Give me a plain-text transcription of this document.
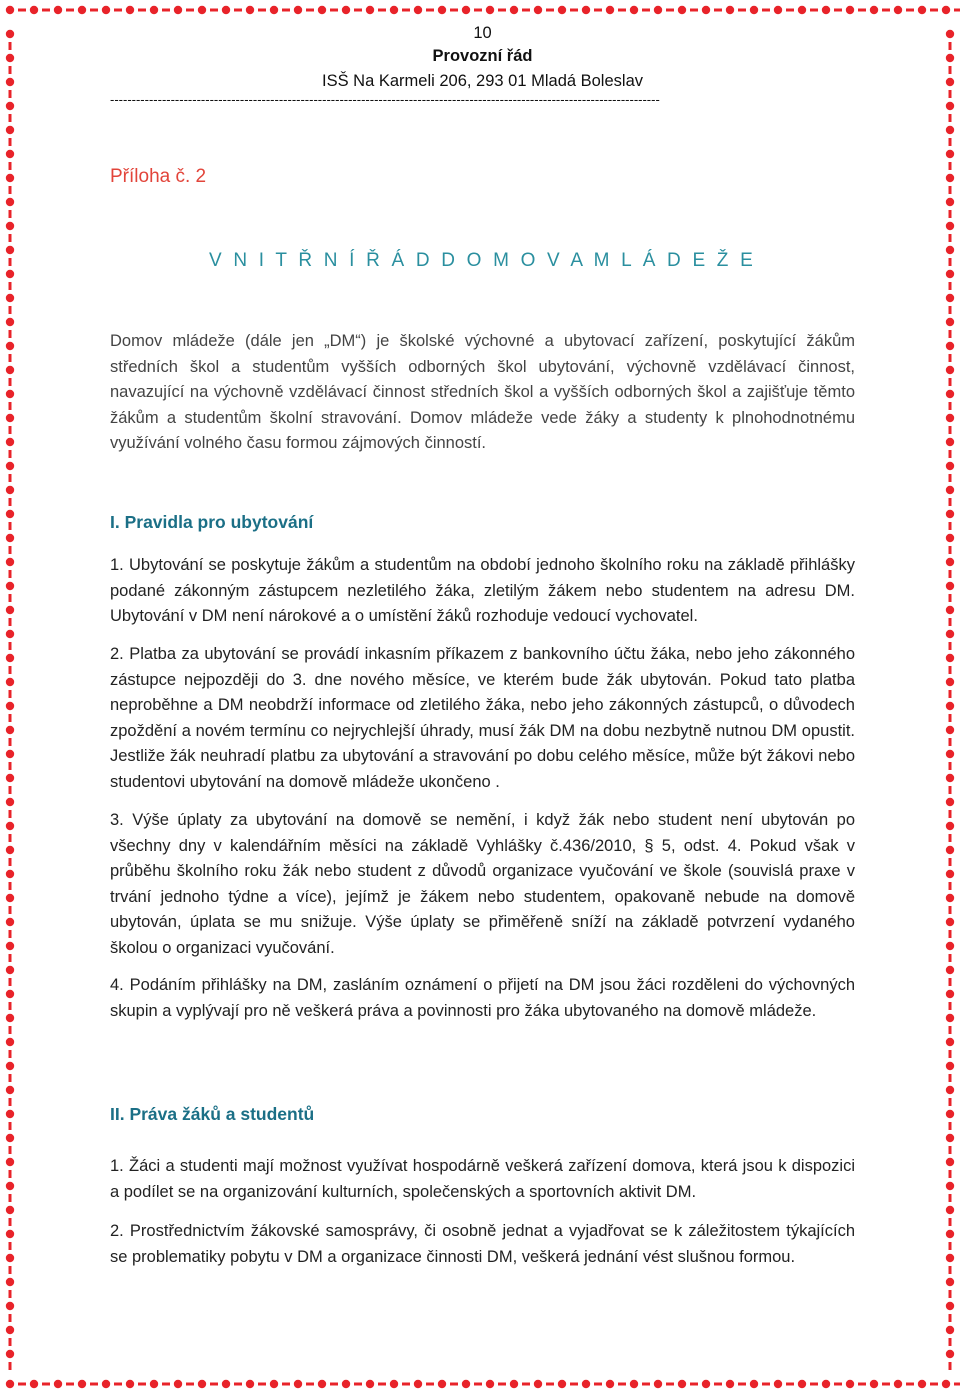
10
Provozní řád
ISŠ Na Karmeli 206, 293 01 Mladá Boleslav
-------------------------------------------------------------------------------------------------------------------------------
Příloha č. 2
V N I T Ř N Í Ř Á D D O M O V A M L Á D E Ž E

Domov mládeže (dále jen „DM“) je školské výchovné a ubytovací zařízení, poskytující žákům středních škol a studentům vyšších odborných škol ubytování, výchovně vzdělávací činnost, navazující na výchovně vzdělávací činnost středních škol a vyšších odborných škol a zajišťuje těmto žákům a studentům školní stravování. Domov mládeže vede žáky a studenty k plnohodnotnému využívání volného času formou zájmových činností.

I. Pravidla pro ubytování

1. Ubytování se poskytuje žákům a studentům na období jednoho školního roku na základě přihlášky podané zákonným zástupcem nezletilého žáka, zletilým žákem nebo studentem na adresu DM. Ubytování v DM není nárokové a o umístění žáků rozhoduje vedoucí vychovatel.

2. Platba za ubytování se provádí inkasním příkazem z bankovního účtu žáka, nebo jeho zákonného zástupce nejpozději do 3. dne nového měsíce, ve kterém bude žák ubytován. Pokud tato platba neproběhne a DM neobdrží informace od zletilého žáka, nebo jeho zákonných zástupců, o důvodech zpoždění a novém termínu co nejrychlejší úhrady, musí žák DM na dobu nezbytně nutnou DM opustit. Jestliže žák neuhradí platbu za ubytování a stravování po dobu celého měsíce, může být žákovi nebo studentovi ubytování na domově mládeže ukončeno .

3. Výše úplaty za ubytování na domově se nemění, i když žák nebo student není ubytován po všechny dny v kalendářním měsíci na základě Vyhlášky č.436/2010, § 5, odst. 4. Pokud však v průběhu školního roku žák nebo student z důvodů organizace vyučování ve škole (souvislá praxe v trvání jednoho týdne a více), jejímž je žákem nebo studentem, opakovaně nebude na domově ubytován, úplata se mu snižuje. Výše úplaty se přiměřeně sníží na základě potvrzení vydaného školou o organizaci vyučování.

4. Podáním přihlášky na DM, zasláním oznámení o přijetí na DM jsou žáci rozděleni do výchovných skupin a vyplývají pro ně veškerá práva a povinnosti pro žáka ubytovaného na domově mládeže.

II. Práva žáků a studentů

1. Žáci a studenti mají možnost využívat hospodárně veškerá zařízení domova, která jsou k dispozici a podílet se na organizování kulturních, společenských a sportovních aktivit DM.

2. Prostřednictvím žákovské samosprávy, či osobně jednat a vyjadřovat se k záležitostem týkajících se problematiky pobytu v DM a organizace činnosti DM, veškerá jednání vést slušnou formou.
